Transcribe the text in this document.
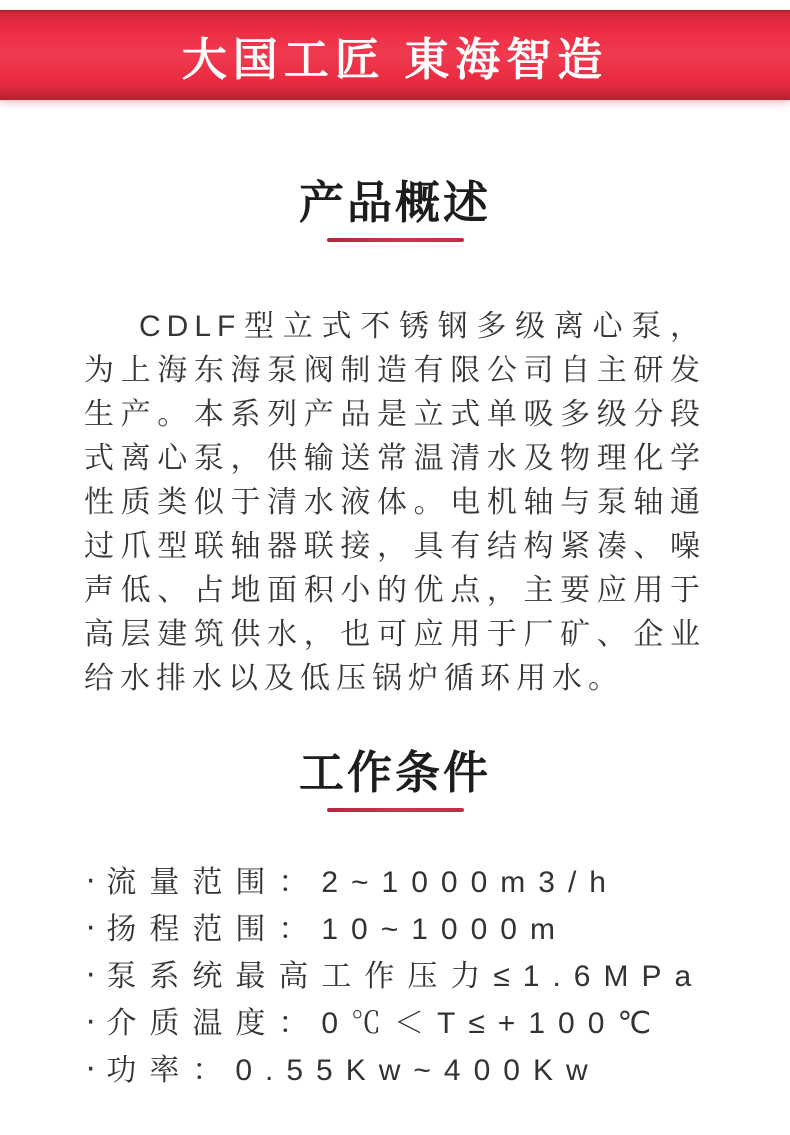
大国工匠 東海智造
产品概述

CDLF型立式不锈钢多级离心泵，为上海东海泵阀制造有限公司自主研发生产。本系列产品是立式单吸多级分段式离心泵，供输送常温清水及物理化学性质类似于清水液体。电机轴与泵轴通过爪型联轴器联接，具有结构紧凑、噪声低、占地面积小的优点，主要应用于高层建筑供水，也可应用于厂矿、企业给水排水以及低压锅炉循环用水。

工作条件
· 流量范围：2~1000m3/h
· 扬程范围：10~1000m
· 泵系统最高工作压力≤1.6MPa
· 介质温度：0℃＜T≤+100℃
· 功率：0.55Kw~400Kw
